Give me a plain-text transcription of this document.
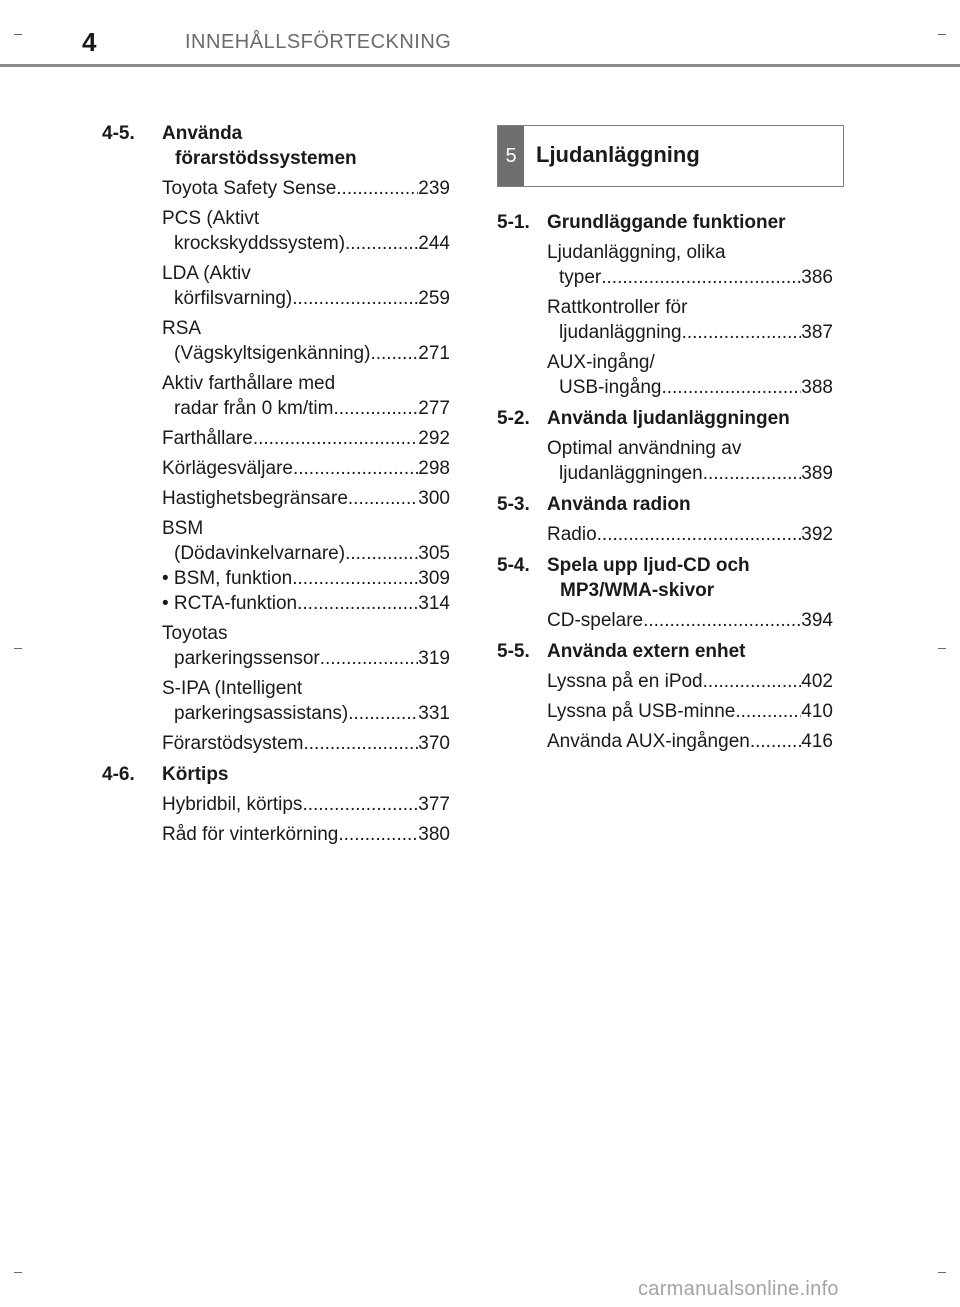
4	INNEHÅLLSFÖRTECKNING
4-5.	Använda
förarstödssystemen
Toyota Safety Sense .....	239
PCS (Aktivt
krockskyddssystem) .....	244
LDA (Aktiv
körfilsvarning) .....	259
RSA
(Vägskyltsigenkänning) .....	271
Aktiv farthållare med
radar från 0 km/tim .....	277
Farthållare .....	292
Körlägesväljare .....	298
Hastighetsbegränsare .....	300
BSM
(Dödavinkelvarnare) .....	305
• BSM, funktion .....	309
• RCTA-funktion .....	314
Toyotas
parkeringssensor .....	319
S-IPA (Intelligent
parkeringsassistans) .....	331
Förarstödsystem .....	370
4-6.	Körtips
Hybridbil, körtips .....	377
Råd för vinterkörning .....	380
5 Ljudanläggning
5-1. Grundläggande funktioner
Ljudanläggning, olika
typer .....	386
Rattkontroller för
ljudanläggning .....	387
AUX-ingång/
USB-ingång .....	388
5-2. Använda ljudanläggningen
Optimal användning av
ljudanläggningen .....	389
5-3. Använda radion
Radio .....	392
5-4. Spela upp ljud-CD och
MP3/WMA-skivor
CD-spelare .....	394
5-5. Använda extern enhet
Lyssna på en iPod .....	402
Lyssna på USB-minne .....	410
Använda AUX-ingången .....	416
carmanualsonline.info
